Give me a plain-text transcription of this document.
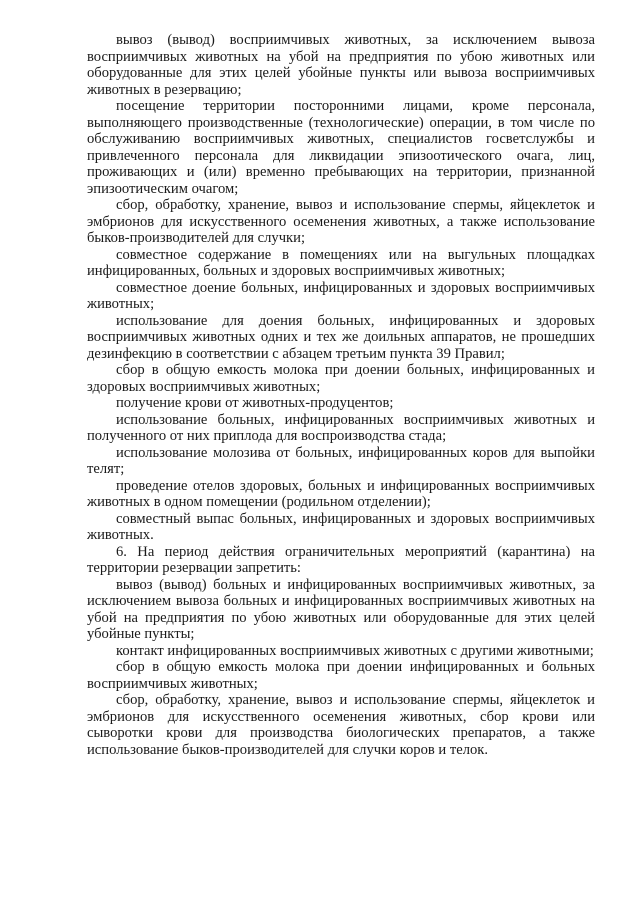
вывоз (вывод) восприимчивых животных, за исключением вывоза восприимчивых животных на убой на предприятия по убою животных или оборудованные для этих целей убойные пункты или вывоза восприимчивых животных в резервацию;

посещение территории посторонними лицами, кроме персонала, выполняющего производственные (технологические) операции, в том числе по обслуживанию восприимчивых животных, специалистов госветслужбы и привлеченного персонала для ликвидации эпизоотического очага, лиц, проживающих и (или) временно пребывающих на территории, признанной эпизоотическим очагом;

сбор, обработку, хранение, вывоз и использование спермы, яйцеклеток и эмбрионов для искусственного осеменения животных, а также использование быков-производителей для случки;

совместное содержание в помещениях или на выгульных площадках инфицированных, больных и здоровых восприимчивых животных;

совместное доение больных, инфицированных и здоровых восприимчивых животных;

использование для доения больных, инфицированных и здоровых восприимчивых животных одних и тех же доильных аппаратов, не прошедших дезинфекцию в соответствии с абзацем третьим пункта 39 Правил;

сбор в общую емкость молока при доении больных, инфицированных и здоровых восприимчивых животных;

получение крови от животных-продуцентов;

использование больных, инфицированных восприимчивых животных и полученного от них приплода для воспроизводства стада;

использование молозива от больных, инфицированных коров для выпойки телят;

проведение отелов здоровых, больных и инфицированных восприимчивых животных в одном помещении (родильном отделении);

совместный выпас больных, инфицированных и здоровых восприимчивых животных.

6. На период действия ограничительных мероприятий (карантина) на территории резервации запретить:

вывоз (вывод) больных и инфицированных восприимчивых животных, за исключением вывоза больных и инфицированных восприимчивых животных на убой на предприятия по убою животных или оборудованные для этих целей убойные пункты;

контакт инфицированных восприимчивых животных с другими животными;

сбор в общую емкость молока при доении инфицированных и больных восприимчивых животных;

сбор, обработку, хранение, вывоз и использование спермы, яйцеклеток и эмбрионов для искусственного осеменения животных, сбор крови или сыворотки крови для производства биологических препаратов, а также использование быков-производителей для случки коров и телок.
